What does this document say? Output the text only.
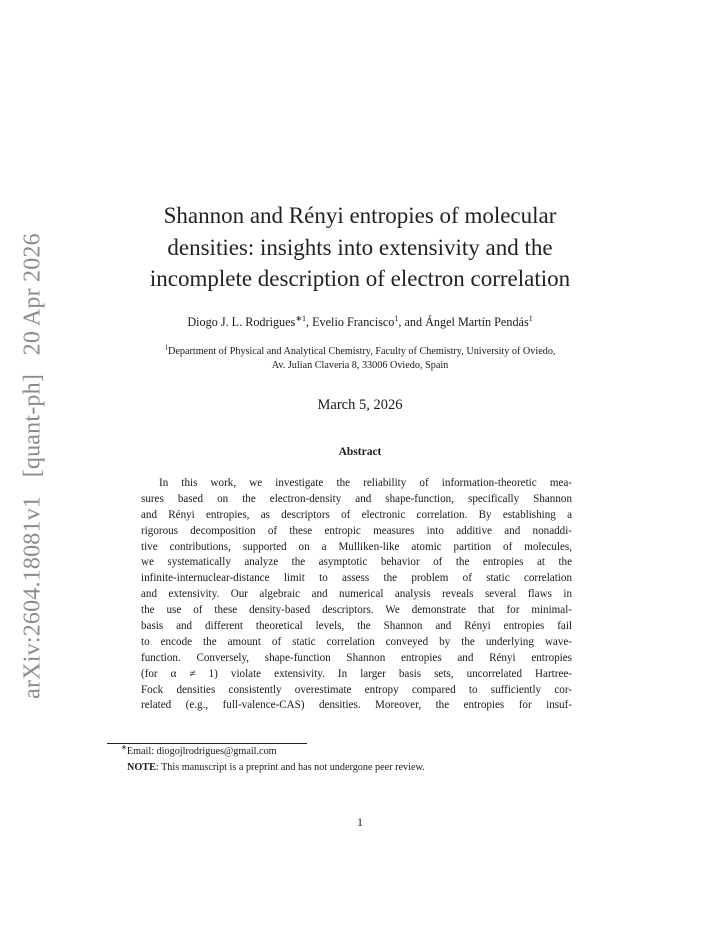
arXiv:2604.18081v1   [quant-ph]   20 Apr 2026
Shannon and Rényi entropies of molecular
densities: insights into extensivity and the
incomplete description of electron correlation
Diogo J. L. Rodrigues$^{∗1}$, Evelio Francisco$^1$, and Ángel Martín Pendás$^1$
$^1$Department of Physical and Analytical Chemistry, Faculty of Chemistry, University of Oviedo,
Av. Julian Claveria 8, 33006 Oviedo, Spain
March 5, 2026
Abstract
In this work, we investigate the reliability of information-theoretic mea-
sures based on the electron-density and shape-function, specifically Shannon
and Rényi entropies, as descriptors of electronic correlation. By establishing a
rigorous decomposition of these entropic measures into additive and nonaddi-
tive contributions, supported on a Mulliken-like atomic partition of molecules,
we systematically analyze the asymptotic behavior of the entropies at the
infinite-internuclear-distance limit to assess the problem of static correlation
and extensivity. Our algebraic and numerical analysis reveals several flaws in
the use of these density-based descriptors. We demonstrate that for minimal-
basis and different theoretical levels, the Shannon and Rényi entropies fail
to encode the amount of static correlation conveyed by the underlying wave-
function. Conversely, shape-function Shannon entropies and Rényi entropies
(for α ≠ 1) violate extensivity. In larger basis sets, uncorrelated Hartree-
Fock densities consistently overestimate entropy compared to sufficiently cor-
related (e.g., full-valence-CAS) densities. Moreover, the entropies for insuf-
∗Email: diogojlrodrigues@gmail.com
NOTE: This manuscript is a preprint and has not undergone peer review.
1
